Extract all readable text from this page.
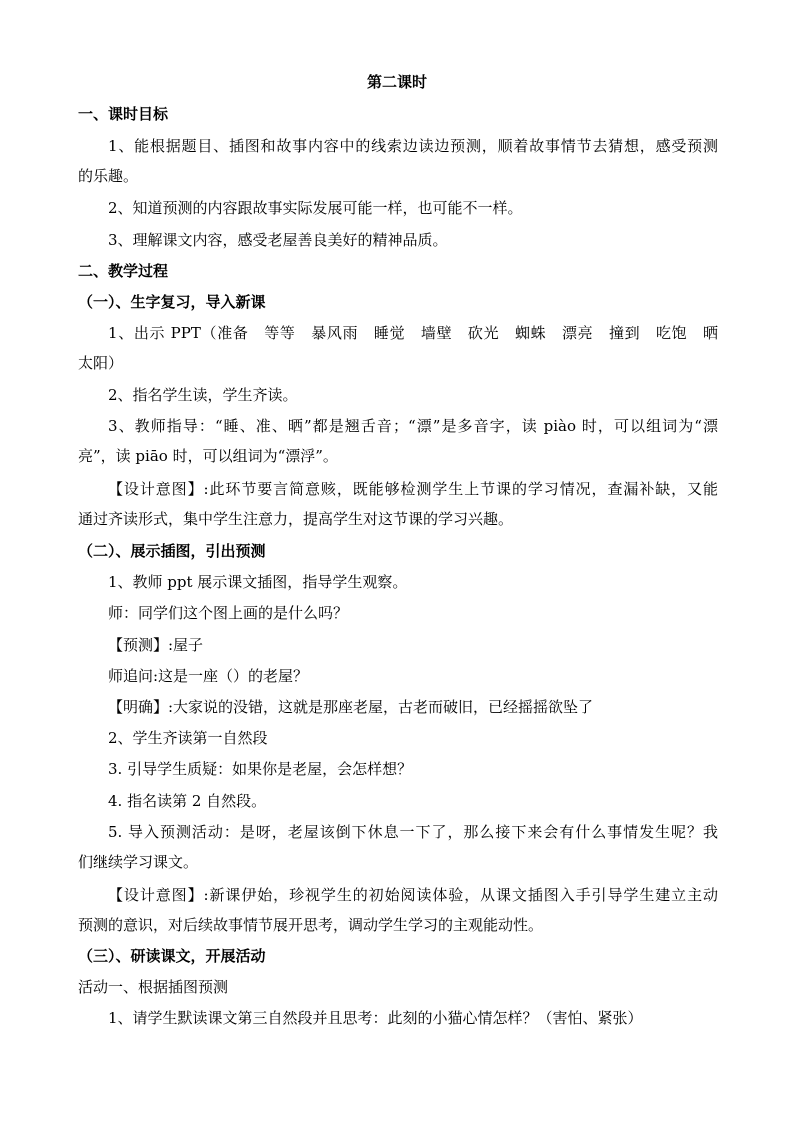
第二课时
一、课时目标
1、能根据题目、插图和故事内容中的线索边读边预测，顺着故事情节去猜想，感受预测
的乐趣。
2、知道预测的内容跟故事实际发展可能一样，也可能不一样。
3、理解课文内容，感受老屋善良美好的精神品质。
二、教学过程
（一）、生字复习，导入新课
1、出示 PPT（准备　等等　暴风雨　睡觉　墙壁　砍光　蜘蛛　漂亮　撞到　吃饱　晒
太阳）
2、指名学生读，学生齐读。
3、教师指导：“睡、准、晒”都是翘舌音；“漂”是多音字，读 piào 时，可以组词为“漂
亮”，读 piāo 时，可以组词为“漂浮”。
【设计意图】:此环节要言简意赅，既能够检测学生上节课的学习情况，查漏补缺，又能
通过齐读形式，集中学生注意力，提高学生对这节课的学习兴趣。
（二）、展示插图，引出预测
1、教师 ppt 展示课文插图，指导学生观察。
师：同学们这个图上画的是什么吗？
【预测】:屋子
师追问:这是一座（）的老屋？
【明确】:大家说的没错，这就是那座老屋，古老而破旧，已经摇摇欲坠了
2、学生齐读第一自然段
3. 引导学生质疑：如果你是老屋，会怎样想？
4. 指名读第 2 自然段。
5. 导入预测活动：是呀，老屋该倒下休息一下了，那么接下来会有什么事情发生呢？我
们继续学习课文。
【设计意图】:新课伊始，珍视学生的初始阅读体验，从课文插图入手引导学生建立主动
预测的意识，对后续故事情节展开思考，调动学生学习的主观能动性。
（三）、研读课文，开展活动
活动一、根据插图预测
1、请学生默读课文第三自然段并且思考：此刻的小猫心情怎样？（害怕、紧张）
